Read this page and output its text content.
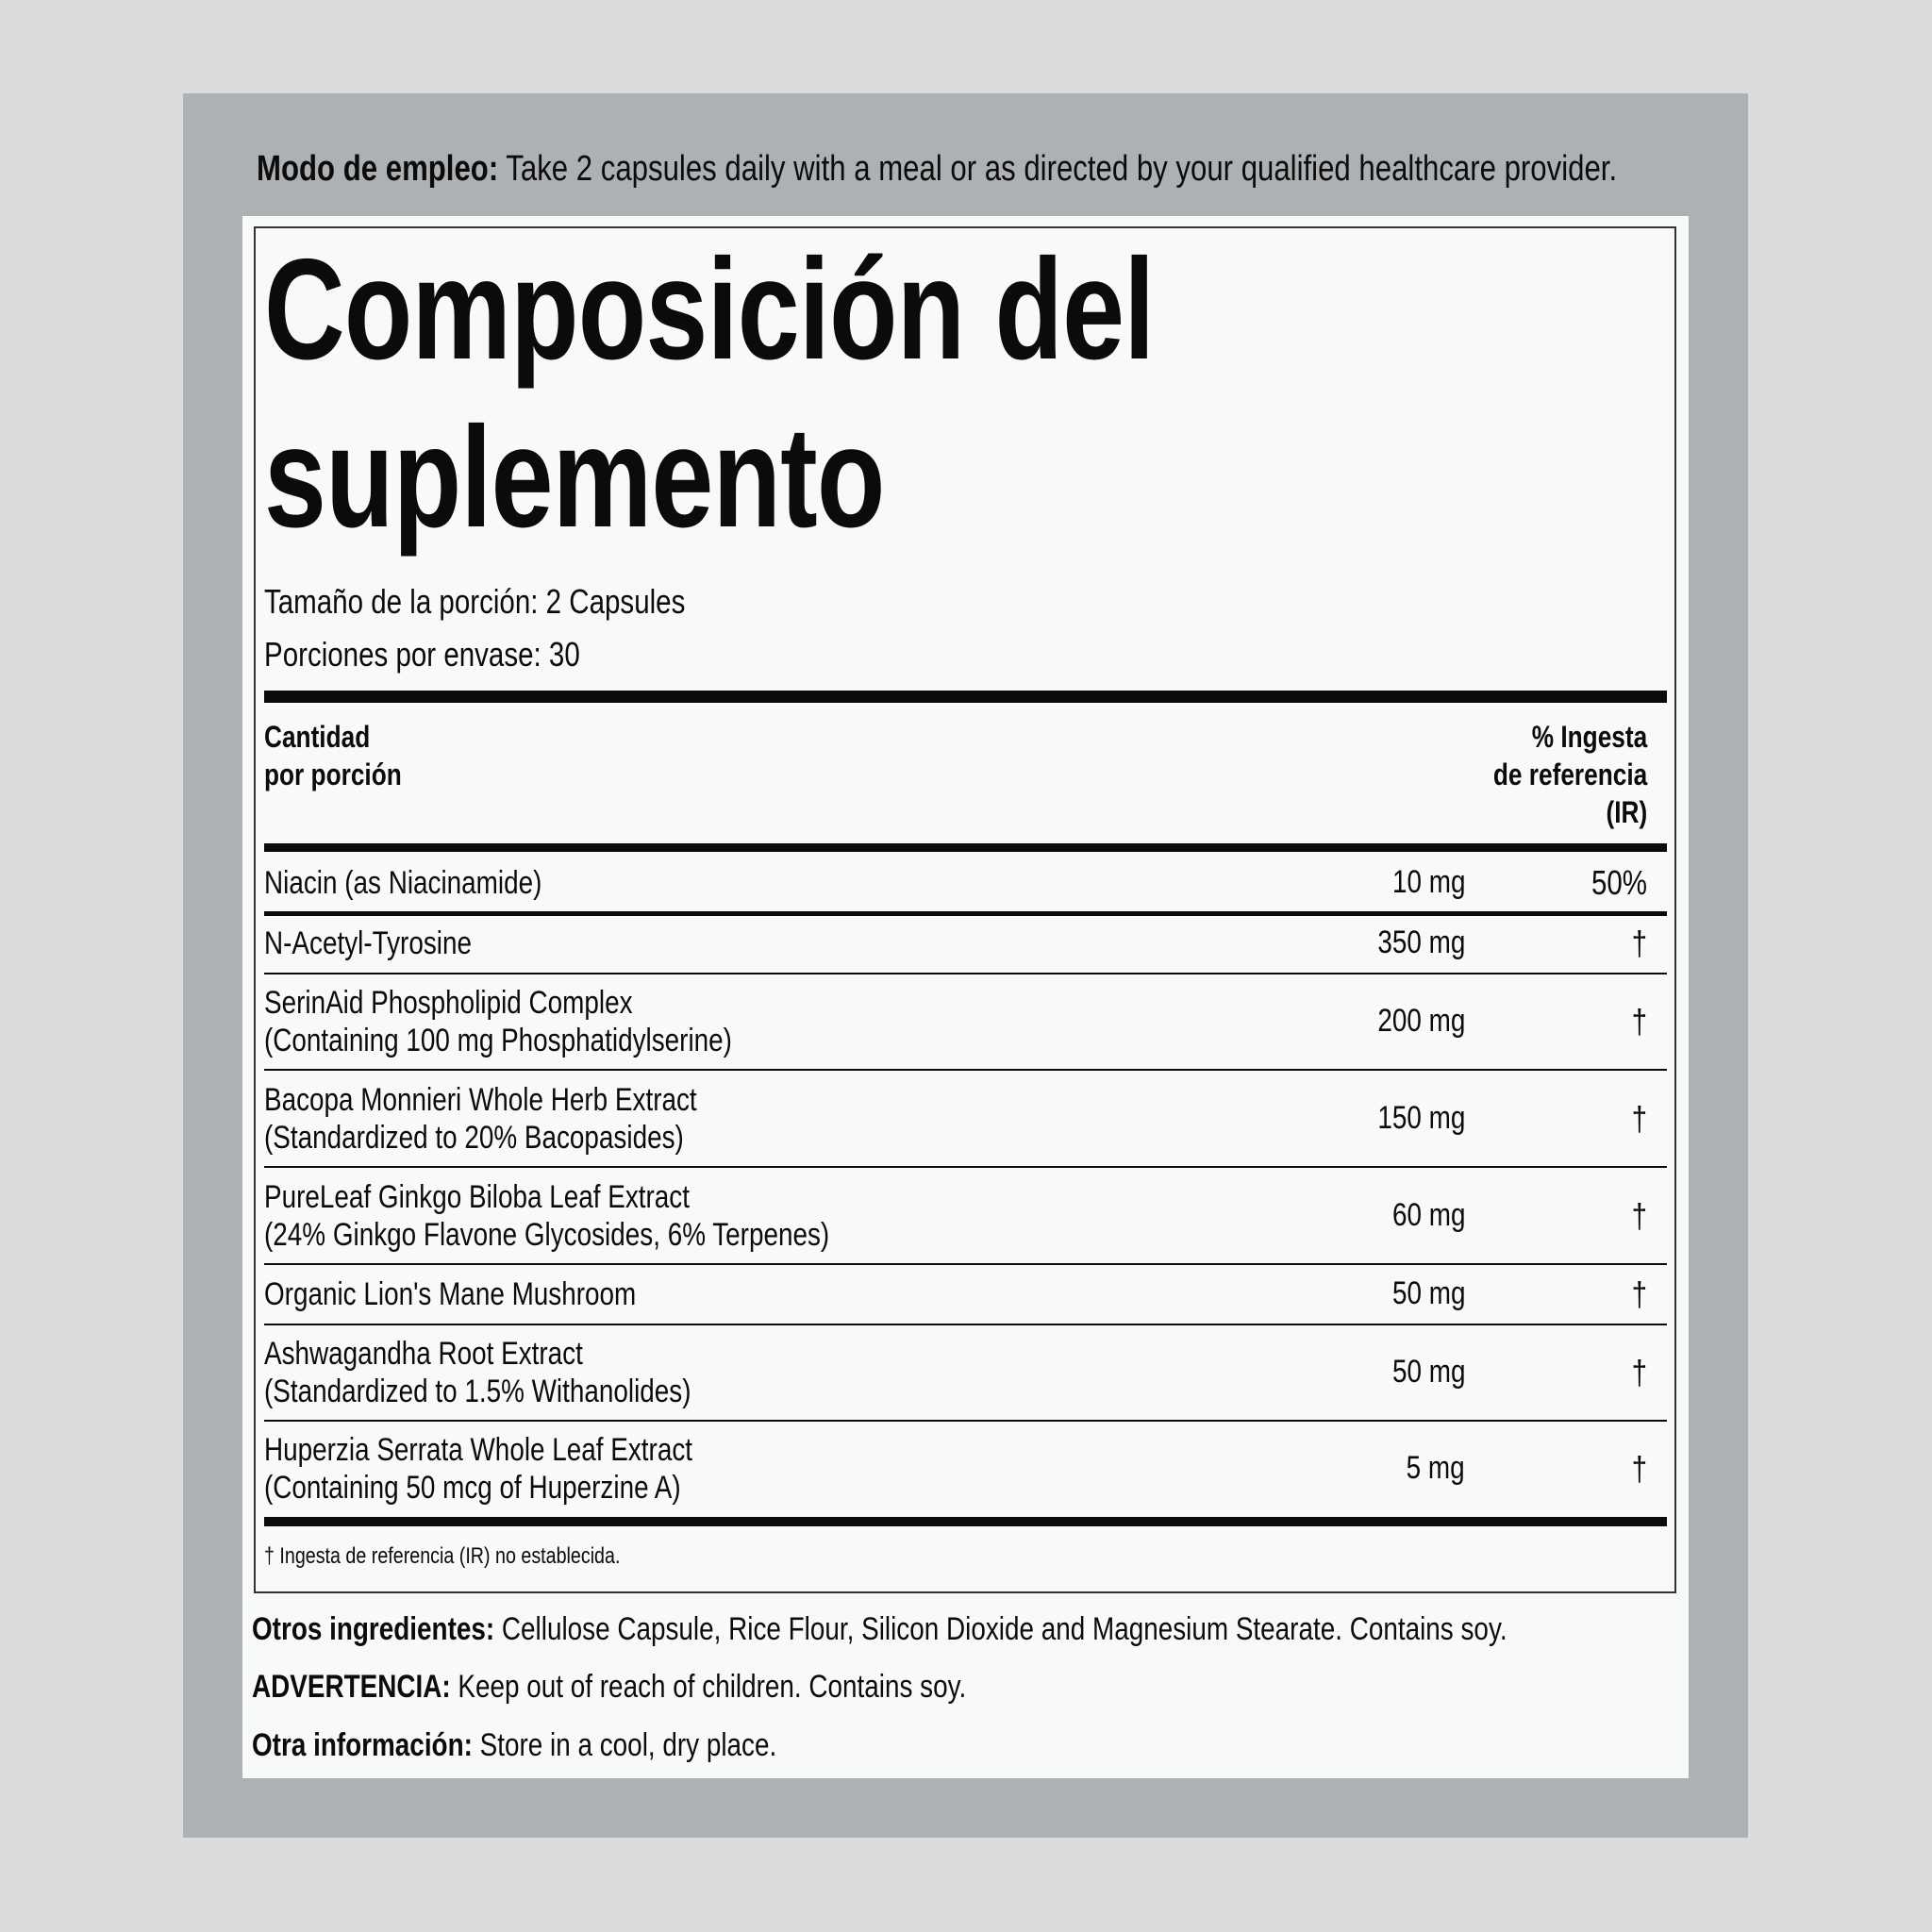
Modo de empleo: Take 2 capsules daily with a meal or as directed by your qualified healthcare provider.
Composición del
suplemento
Tamaño de la porción: 2 Capsules
Porciones por envase: 30
Cantidad
por porción
% Ingesta
de referencia
(IR)
Niacin (as Niacinamide)	10 mg	50%
N-Acetyl-Tyrosine	350 mg	†
SerinAid Phospholipid Complex
(Containing 100 mg Phosphatidylserine)
200 mg	†
Bacopa Monnieri Whole Herb Extract
(Standardized to 20% Bacopasides)
150 mg	†
PureLeaf Ginkgo Biloba Leaf Extract
(24% Ginkgo Flavone Glycosides, 6% Terpenes)
60 mg	†
Organic Lion's Mane Mushroom	50 mg	†
Ashwagandha Root Extract
(Standardized to 1.5% Withanolides)
50 mg	†
Huperzia Serrata Whole Leaf Extract
(Containing 50 mcg of Huperzine A)
5 mg	†
† Ingesta de referencia (IR) no establecida.
Otros ingredientes: Cellulose Capsule, Rice Flour, Silicon Dioxide and Magnesium Stearate. Contains soy.
ADVERTENCIA: Keep out of reach of children. Contains soy.
Otra información: Store in a cool, dry place.
